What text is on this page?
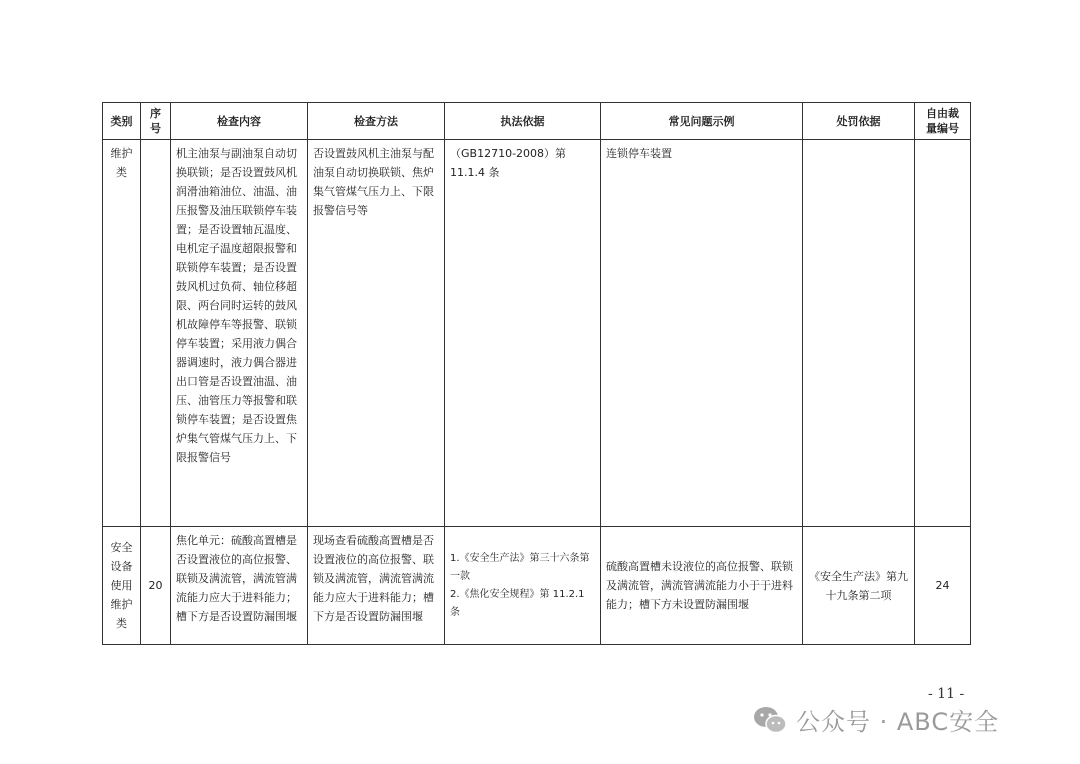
类别	序
号	检查内容	检查方法	执法依据	常见问题示例	处罚依据	自由裁
量编号
维护
类		机主油泵与副油泵自动切换联锁；是否设置鼓风机润滑油箱油位、油温、油压报警及油压联锁停车装置；是否设置轴瓦温度、电机定子温度超限报警和联锁停车装置；是否设置鼓风机过负荷、轴位移超限、两台同时运转的鼓风机故障停车等报警、联锁停车装置；采用液力偶合器调速时，液力偶合器进出口管是否设置油温、油压、油管压力等报警和联锁停车装置；是否设置焦炉集气管煤气压力上、下限报警信号	否设置鼓风机主油泵与配油泵自动切换联锁、焦炉集气管煤气压力上、下限报警信号等	（GB12710-2008）第 11.1.4 条	连锁停车装置		
安全
设备
使用
维护
类	20	焦化单元：硫酸高置槽是否设置液位的高位报警、联锁及满流管，满流管满流能力应大于进料能力；槽下方是否设置防漏围堰	现场查看硫酸高置槽是否设置液位的高位报警、联锁及满流管，满流管满流能力应大于进料能力；槽下方是否设置防漏围堰	1.《安全生产法》第三十六条第一款
2.《焦化安全规程》第 11.2.1 条	硫酸高置槽未设液位的高位报警、联锁及满流管，满流管满流能力小于于进料能力；槽下方未设置防漏围堰	《安全生产法》第九十九条第二项	24
- 11 -
公众号 · ABC安全
